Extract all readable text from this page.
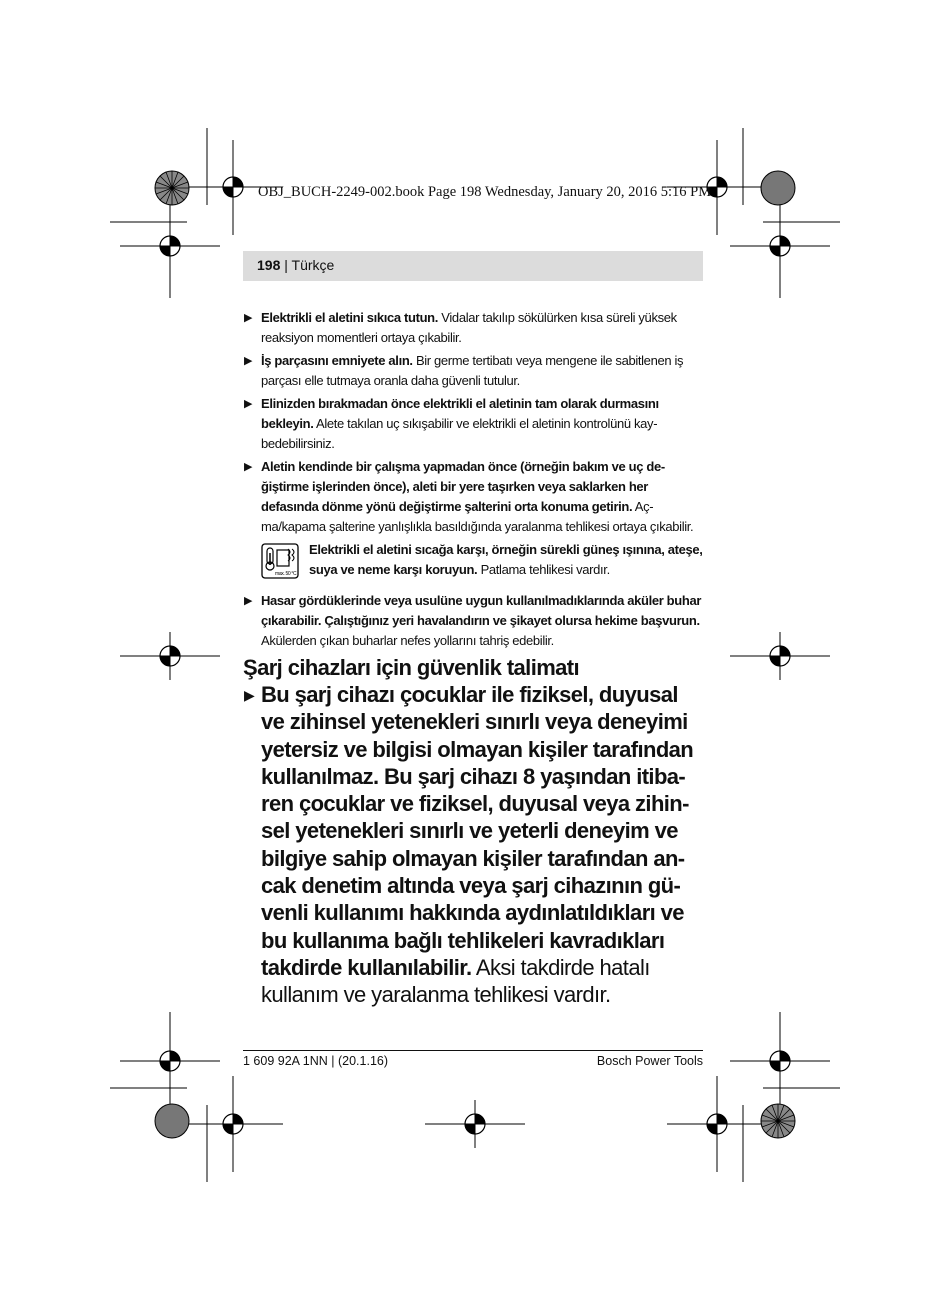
OBJ_BUCH-2249-002.book Page 198 Wednesday, January 20, 2016 5:16 PM
198 | Türkçe
▶ Elektrikli el aletini sıkıca tutun. Vidalar takılıp sökülürken kısa süreli yüksek reaksiyon momentleri ortaya çıkabilir.
▶ İş parçasını emniyete alın. Bir germe tertibatı veya mengene ile sabitlenen iş parçası elle tutmaya oranla daha güvenli tutulur.
▶ Elinizden bırakmadan önce elektrikli el aletinin tam olarak durmasını bekleyin. Alete takılan uç sıkışabilir ve elektrikli el aletinin kontrolünü kaybedebilirsiniz.
▶ Aletin kendinde bir çalışma yapmadan önce (örneğin bakım ve uç değiştirme işlerinden önce), aleti bir yere taşırken veya saklarken her defasında dönme yönü değiştirme şalterini orta konuma getirin. Açma/kapama şalterine yanlışlıkla basıldığında yaralanma tehlikesi ortaya çıkabilir.
max. 50 °C
Elektrikli el aletini sıcağa karşı, örneğin sürekli güneş ışınına, ateşe, suya ve neme karşı koruyun. Patlama tehlikesi vardır.
▶ Hasar gördüklerinde veya usulüne uygun kullanılmadıklarında aküler buhar çıkarabilir. Çalıştığınız yeri havalandırın ve şikayet olursa hekime başvurun. Akülerden çıkan buharlar nefes yollarını tahriş edebilir.
Şarj cihazları için güvenlik talimatı
▶ Bu şarj cihazı çocuklar ile fiziksel, duyusal ve zihinsel yetenekleri sınırlı veya deneyimi yetersiz ve bilgisi olmayan kişiler tarafından kullanılmaz. Bu şarj cihazı 8 yaşından itibaren çocuklar ve fiziksel, duyusal veya zihinsel yetenekleri sınırlı ve yeterli deneyim ve bilgiye sahip olmayan kişiler tarafından ancak denetim altında veya şarj cihazının güvenli kullanımı hakkında aydınlatıldıkları ve bu kullanıma bağlı tehlikeleri kavradıkları takdirde kullanılabilir. Aksi takdirde hatalı kullanım ve yaralanma tehlikesi vardır.
1 609 92A 1NN | (20.1.16)	Bosch Power Tools
